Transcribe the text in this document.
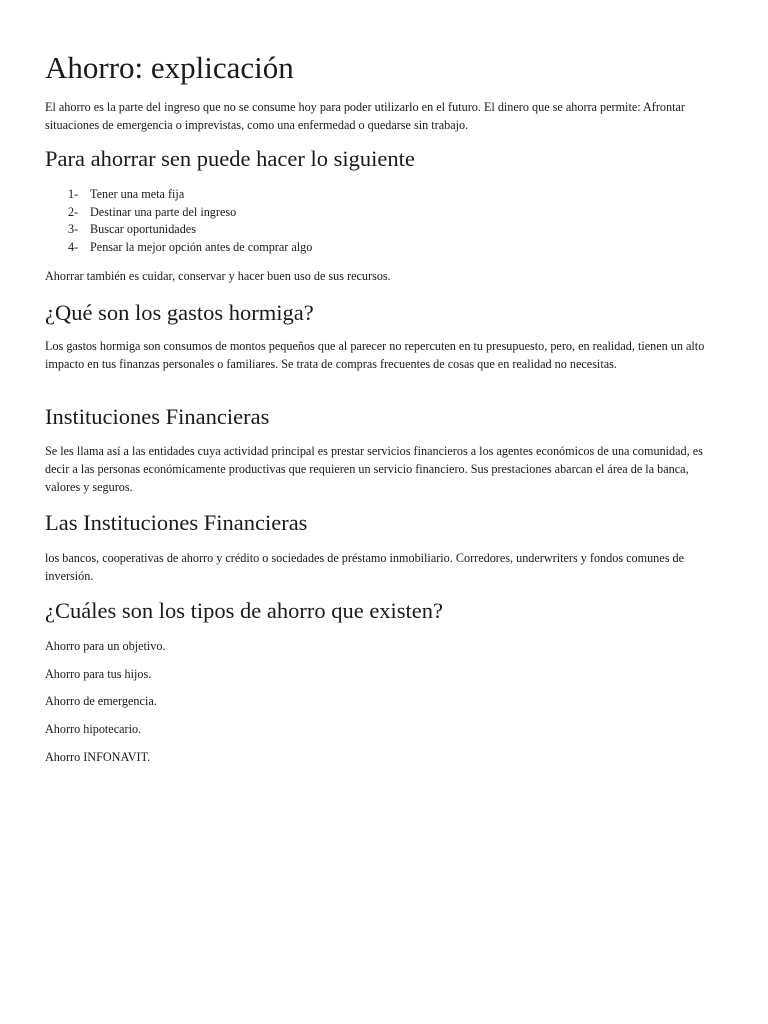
Ahorro: explicación

El ahorro es la parte del ingreso que no se consume hoy para poder utilizarlo en el futuro. El dinero que se ahorra permite: Afrontar situaciones de emergencia o imprevistas, como una enfermedad o quedarse sin trabajo.

Para ahorrar sen puede hacer lo siguiente
1- Tener una meta fija
2- Destinar una parte del ingreso
3- Buscar oportunidades
4- Pensar la mejor opción antes de comprar algo

Ahorrar también es cuidar, conservar y hacer buen uso de sus recursos.

¿Qué son los gastos hormiga?

Los gastos hormiga son consumos de montos pequeños que al parecer no repercuten en tu presupuesto, pero, en realidad, tienen un alto impacto en tus finanzas personales o familiares. Se trata de compras frecuentes de cosas que en realidad no necesitas.

Instituciones Financieras

Se les llama así a las entidades cuya actividad principal es prestar servicios financieros a los agentes económicos de una comunidad, es decir a las personas económicamente productivas que requieren un servicio financiero. Sus prestaciones abarcan el área de la banca, valores y seguros.

Las Instituciones Financieras

los bancos, cooperativas de ahorro y crédito o sociedades de préstamo inmobiliario. Corredores, underwriters y fondos comunes de inversión.

¿Cuáles son los tipos de ahorro que existen?

Ahorro para un objetivo.

Ahorro para tus hijos.

Ahorro de emergencia.

Ahorro hipotecario.

Ahorro INFONAVIT.
